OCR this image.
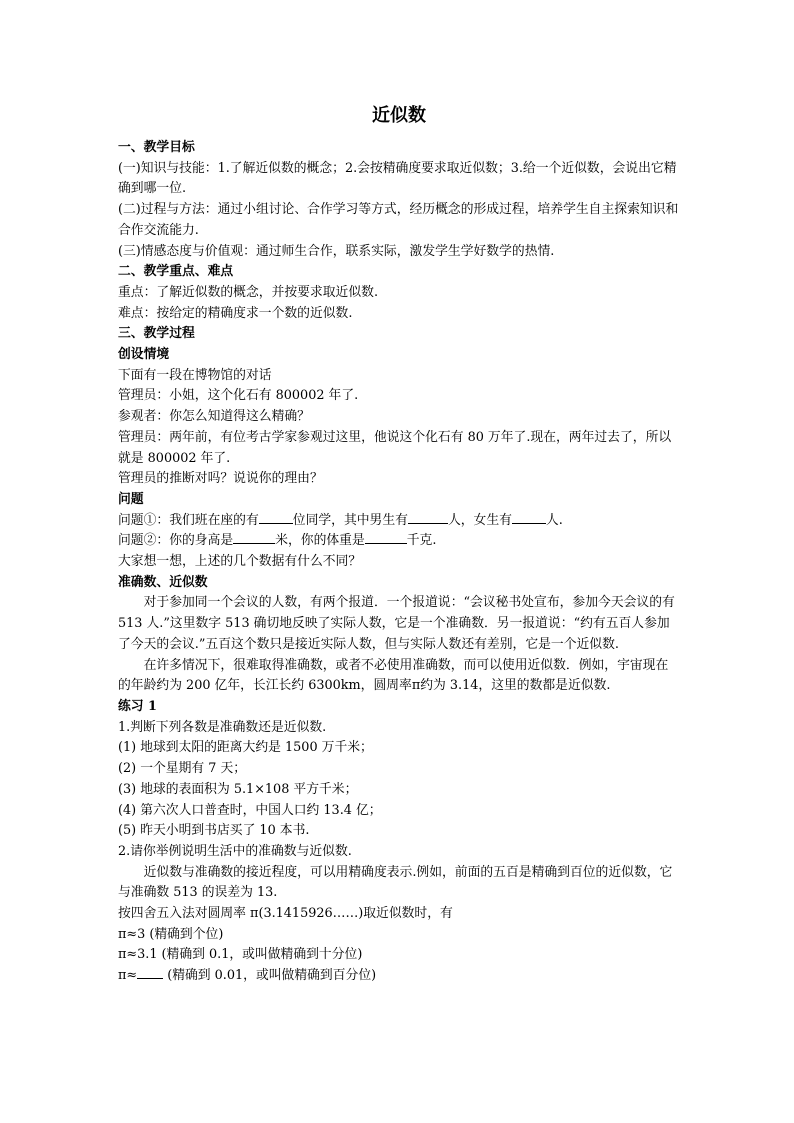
近似数

一、教学目标

(一)知识与技能：1.了解近似数的概念；2.会按精确度要求取近似数；3.给一个近似数，会说出它精确到哪一位.

(二)过程与方法：通过小组讨论、合作学习等方式，经历概念的形成过程，培养学生自主探索知识和合作交流能力.

(三)情感态度与价值观：通过师生合作，联系实际，激发学生学好数学的热情.

二、教学重点、难点

重点：了解近似数的概念，并按要求取近似数.

难点：按给定的精确度求一个数的近似数.

三、教学过程

创设情境

下面有一段在博物馆的对话

管理员：小姐，这个化石有 800002 年了.

参观者：你怎么知道得这么精确？

管理员：两年前，有位考古学家参观过这里，他说这个化石有 80 万年了.现在，两年过去了，所以就是 800002 年了.

管理员的推断对吗？说说你的理由？

问题

问题①：我们班在座的有	位同学，其中男生有	人，女生有	人.

问题②：你的身高是	米，你的体重是	千克.

大家想一想，上述的几个数据有什么不同？

准确数、近似数

对于参加同一个会议的人数，有两个报道．一个报道说：“会议秘书处宣布，参加今天会议的有 513 人.”这里数字 513 确切地反映了实际人数，它是一个准确数．另一报道说：“约有五百人参加了今天的会议.”五百这个数只是接近实际人数，但与实际人数还有差别，它是一个近似数.

在许多情况下，很难取得准确数，或者不必使用准确数，而可以使用近似数．例如，宇宙现在的年龄约为 200 亿年，长江长约 6300km，圆周率π约为 3.14，这里的数都是近似数.

练习 1

1.判断下列各数是准确数还是近似数.

(1) 地球到太阳的距离大约是 1500 万千米；

(2) 一个星期有 7 天；

(3) 地球的表面积为 5.1×108 平方千米；

(4) 第六次人口普查时，中国人口约 13.4 亿；

(5) 昨天小明到书店买了 10 本书.

2.请你举例说明生活中的准确数与近似数.

近似数与准确数的接近程度，可以用精确度表示.例如，前面的五百是精确到百位的近似数，它与准确数 513 的误差为 13.

按四舍五入法对圆周率 π(3.1415926……)取近似数时，有

π≈3 (精确到个位)

π≈3.1 (精确到 0.1，或叫做精确到十分位)

π≈ (精确到 0.01，或叫做精确到百分位)
